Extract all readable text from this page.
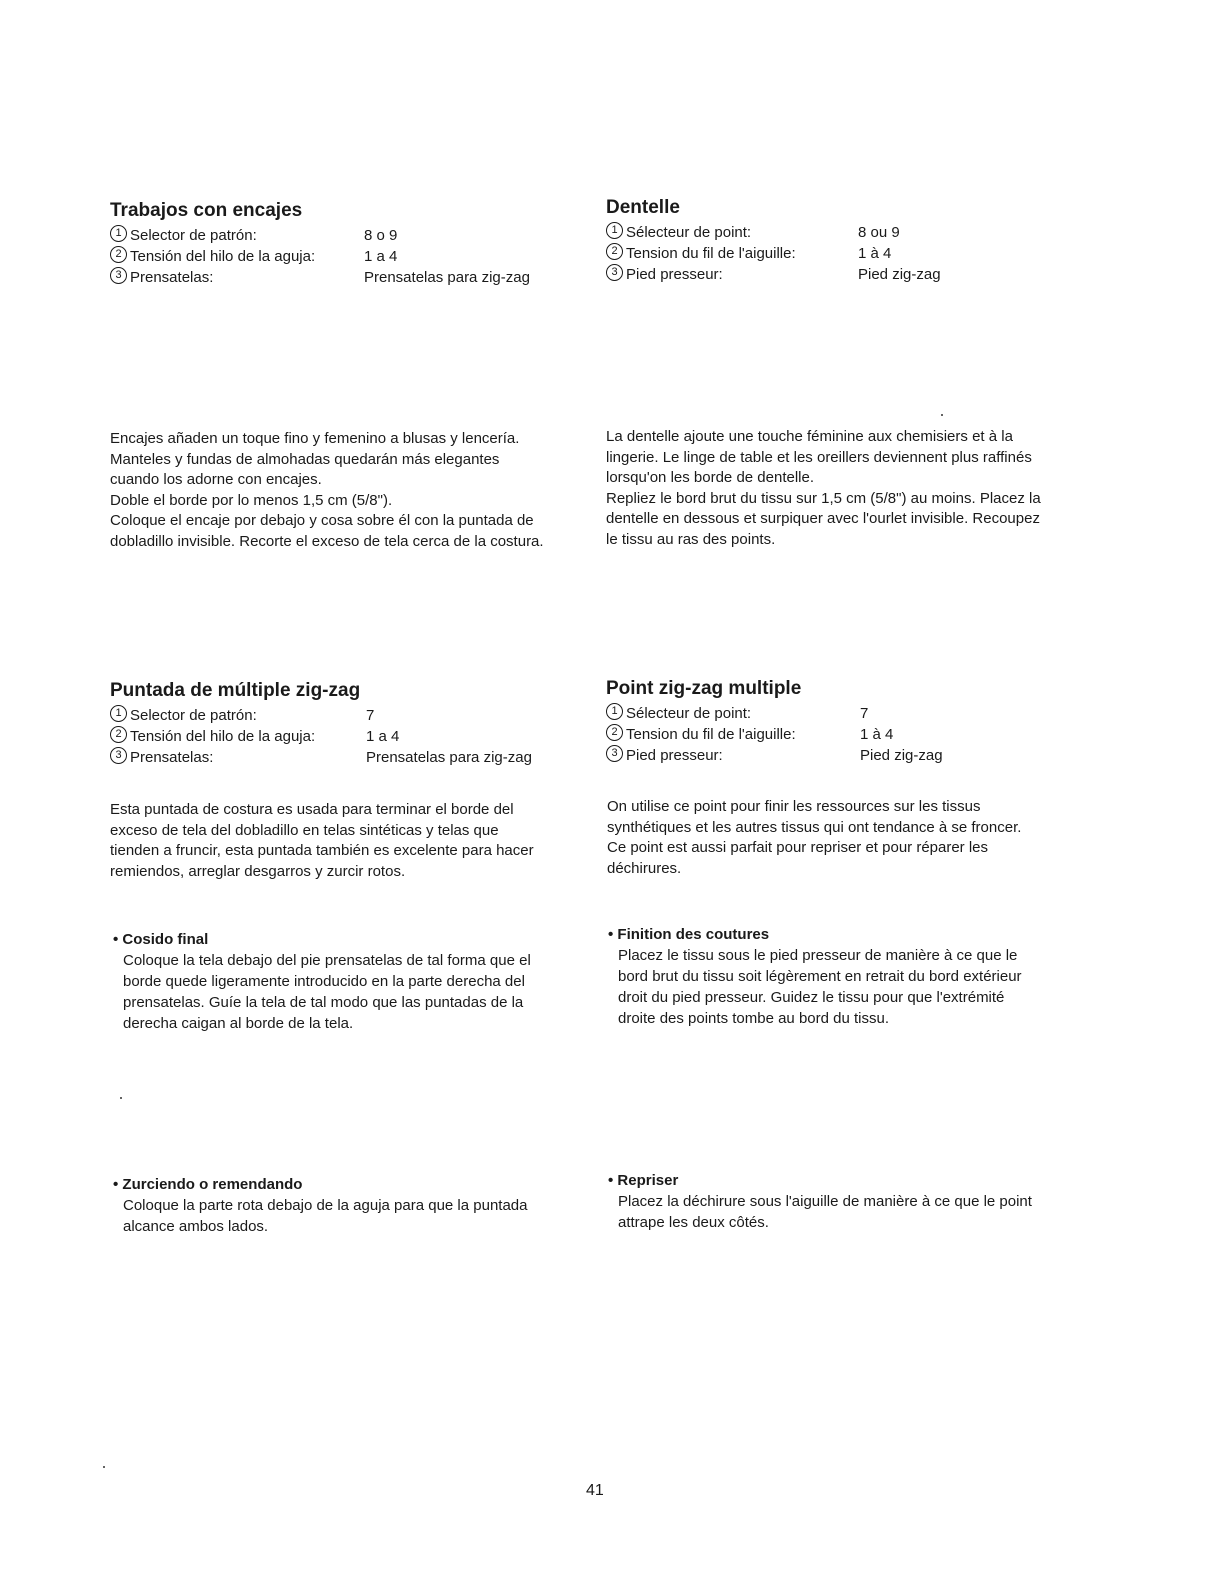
Trabajos con encajes
1 Selector de patrón:	8 o 9
2 Tensión del hilo de la aguja:	1 a 4
3 Prensatelas:	Prensatelas para zig-zag
Encajes añaden un toque fino y femenino a blusas y lencería.
Manteles y fundas de almohadas quedarán más elegantes
cuando los adorne con encajes.
Doble el borde por lo menos 1,5 cm (5/8").
Coloque el encaje por debajo y cosa sobre él con la puntada de
dobladillo invisible. Recorte el exceso de tela cerca de la costura.
Dentelle
1 Sélecteur de point:	8 ou 9
2 Tension du fil de l'aiguille:	1 à 4
3 Pied presseur:	Pied zig-zag
La dentelle ajoute une touche féminine aux chemisiers et à la
lingerie. Le linge de table et les oreillers deviennent plus raffinés
lorsqu'on les borde de dentelle.
Repliez le bord brut du tissu sur 1,5 cm (5/8") au moins. Placez la
dentelle en dessous et surpiquer avec l'ourlet invisible. Recoupez
le tissu au ras des points.
Puntada de múltiple zig-zag
1 Selector de patrón:	7
2 Tensión del hilo de la aguja:	1 a 4
3 Prensatelas:	Prensatelas para zig-zag
Esta puntada de costura es usada para terminar el borde del
exceso de tela del dobladillo en telas sintéticas y telas que
tienden a fruncir, esta puntada también es excelente para hacer
remiendos, arreglar desgarros y zurcir rotos.
• Cosido final
Coloque la tela debajo del pie prensatelas de tal forma que el
borde quede ligeramente introducido en la parte derecha del
prensatelas. Guíe la tela de tal modo que las puntadas de la
derecha caigan al borde de la tela.
• Zurciendo o remendando
Coloque la parte rota debajo de la aguja para que la puntada
alcance ambos lados.
Point zig-zag multiple
1 Sélecteur de point:	7
2 Tension du fil de l'aiguille:	1 à 4
3 Pied presseur:	Pied zig-zag
On utilise ce point pour finir les ressources sur les tissus
synthétiques et les autres tissus qui ont tendance à se froncer.
Ce point est aussi parfait pour repriser et pour réparer les
déchirures.
• Finition des coutures
Placez le tissu sous le pied presseur de manière à ce que le
bord brut du tissu soit légèrement en retrait du bord extérieur
droit du pied presseur. Guidez le tissu pour que l'extrémité
droite des points tombe au bord du tissu.
• Repriser
Placez la déchirure sous l'aiguille de manière à ce que le point
attrape les deux côtés.
41
